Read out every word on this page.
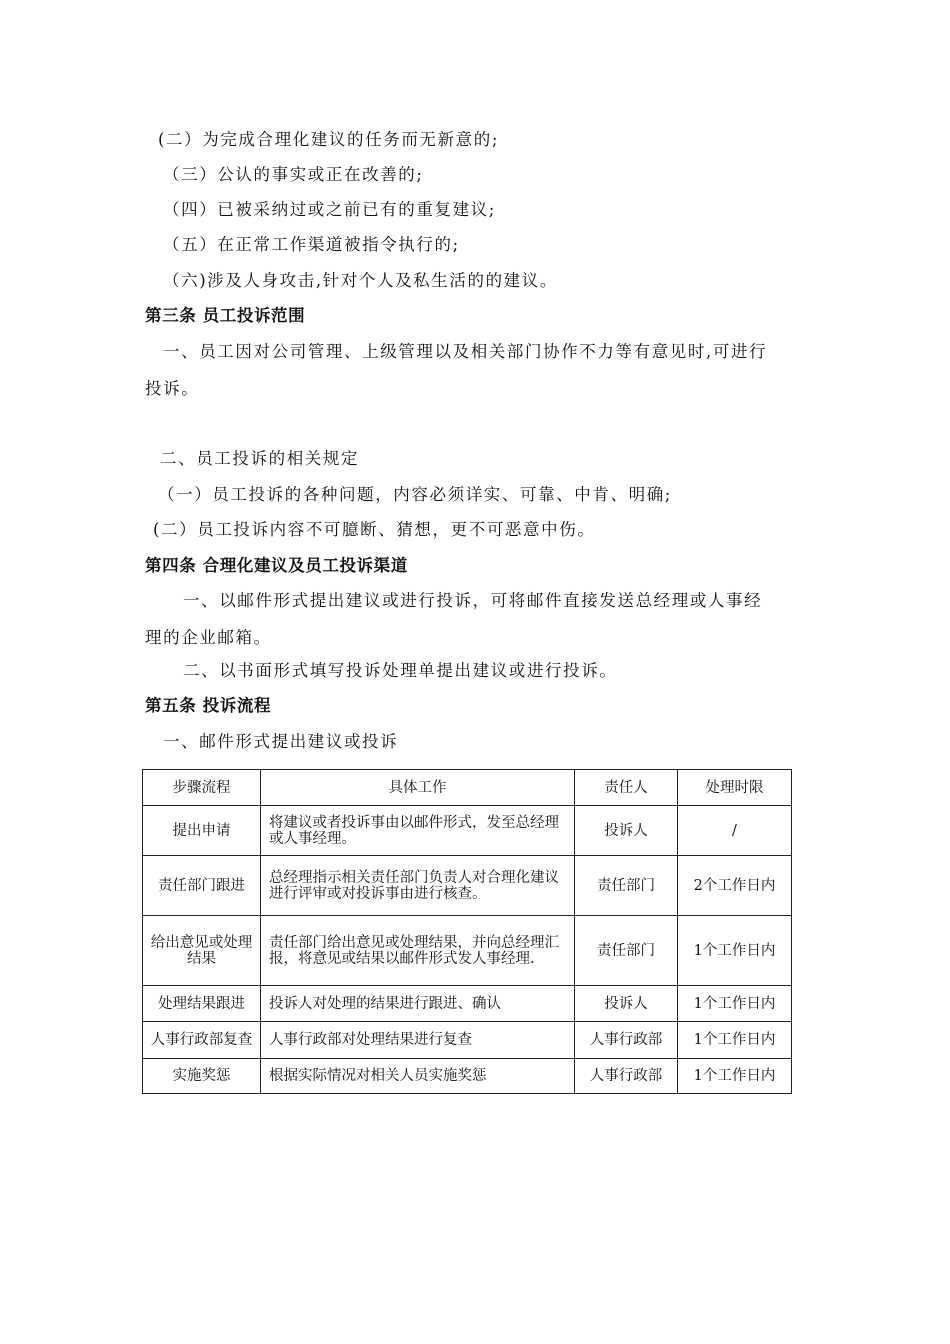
(二）为完成合理化建议的任务而无新意的;
（三）公认的事实或正在改善的;
（四）已被采纳过或之前已有的重复建议;
（五）在正常工作渠道被指令执行的;
（六)涉及人身攻击,针对个人及私生活的的建议。
第三条 员工投诉范围
一、员工因对公司管理、上级管理以及相关部门协作不力等有意见时,可进行
投诉。
二、员工投诉的相关规定
（一）员工投诉的各种问题，内容必须详实、可靠、中肯、明确;
(二）员工投诉内容不可臆断、猜想，更不可恶意中伤。
第四条 合理化建议及员工投诉渠道
一、以邮件形式提出建议或进行投诉，可将邮件直接发送总经理或人事经
理的企业邮箱。
二、以书面形式填写投诉处理单提出建议或进行投诉。
第五条 投诉流程
一、邮件形式提出建议或投诉
步骤流程	具体工作	责任人	处理时限
提出申请	将建议或者投诉事由以邮件形式，发至总经理或人事经理。	投诉人	/
责任部门跟进	总经理指示相关责任部门负责人对合理化建议进行评审或对投诉事由进行核查。	责任部门	2个工作日内
给出意见或处理结果	责任部门给出意见或处理结果，并向总经理汇报，将意见或结果以邮件形式发人事经理.	责任部门	1个工作日内
处理结果跟进	投诉人对处理的结果进行跟进、确认	投诉人	1个工作日内
人事行政部复查	人事行政部对处理结果进行复查	人事行政部	1个工作日内
实施奖惩	根据实际情况对相关人员实施奖惩	人事行政部	1个工作日内
